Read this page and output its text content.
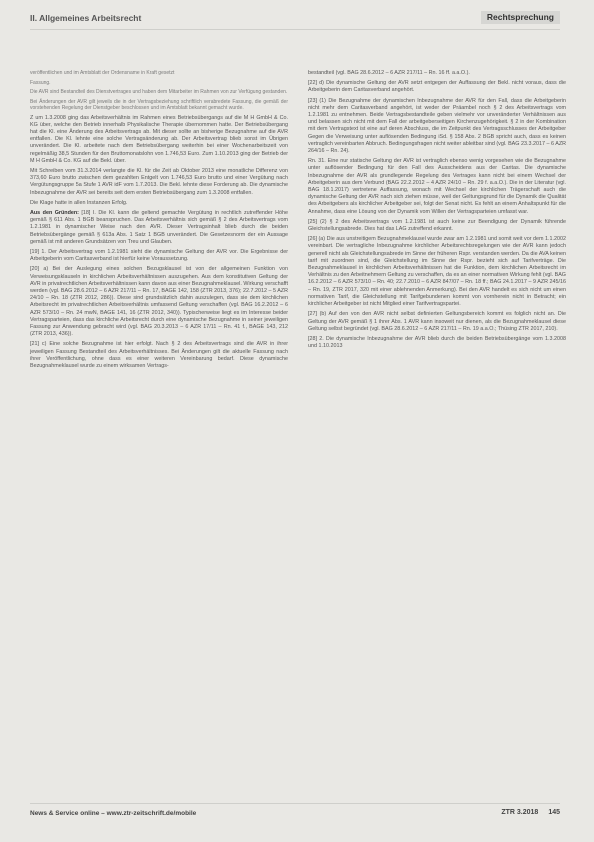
II. Allgemeines Arbeitsrecht	Rechtsprechung

veröffentlichen und im Amtsblatt der Ordensname in Kraft gesetzt

Fassung.

Die AVR sind Bestandteil des Dienstvertrages und haben dem Mitarbeiter im Rahmen von zur Verfügung gestanden.

Bei Änderungen der AVR gilt jeweils die in der Vertragsbeziehung schriftlich verabredete Fassung, die gemäß der vorstehenden Regelung der Dienstgeber beschlossen und im Amtsblatt bekannt gemacht wurde.

Z um 1.3.2008 ging das Arbeitsverhältnis im Rahmen eines Betriebsübergangs auf die M H GmbH & Co. KG über, welche den Betrieb innerhalb Physikalische Therapie übernommen hatte. Der Betriebsübergang hat die Kl. eine Änderung des Arbeitsvertrags ab. Mit dieser sollte an bisherige Bezugnahme auf die AVR entfallen. Die Kl. lehnte eine solche Vertragsänderung ab. Der Arbeitsvertrag blieb sonst im Übrigen unverändert. Die Kl. arbeitete nach dem Betriebsübergang weiterhin bei einer Wochenarbeitszeit von regelmäßig 38,5 Stunden für den Bruttomonatslohn von 1.746,53 Euro. Zum 1.10.2013 ging der Betrieb der M H GmbH & Co. KG auf die Bekl. über.

Mit Schreiben vom 31.3.2014 verlangte die Kl. für die Zeit ab Oktober 2013 eine monatliche Differenz von 373,60 Euro brutto zwischen dem gezahlten Entgelt von 1.746,53 Euro brutto und einer Vergütung nach Vergütungsgruppe 5a Stufe 1 AVR idF vom 1.7.2013. Die Bekl. lehnte diese Forderung ab. Die dynamische Inbezugnahme der AVR sei bereits seit dem ersten Betriebsübergang zum 1.3.2008 entfallen.

Die Klage hatte in allen Instanzen Erfolg.

Aus den Gründen: [18] I. Die Kl. kann die geltend gemachte Vergütung in rechtlich zutreffender Höhe gemäß § 611 Abs. 1 BGB beanspruchen. Das Arbeitsverhältnis sich gemäß § 2 des Arbeitsvertrags vom 1.2.1981 in dynamischer Weise nach den AVR. Dieser Vertragsinhalt blieb durch die beiden Betriebsübergänge gemäß § 613a Abs. 1 Satz 1 BGB unverändert. Die Gesetzesnorm der ein Aussage gemäß ist mit anderen Grundsätzen von Treu und Glauben.

[19] 1. Der Arbeitsvertrag vom 1.2.1981 sieht die dynamische Geltung der AVR vor. Die Ergebnisse der Arbeitgeberin vom Caritasverband ist hierfür keine Voraussetzung.

[20] a) Bei der Auslegung eines solchen Bezugsklausel ist von der allgemeinen Funktion von Verweisungsklauseln in kirchlichen Arbeitsverhältnissen auszugehen. Aus dem konstitutiven Geltung der AVR in privatrechtlichen Arbeitsverhältnissen kann davon aus einer Bezugnahmeklausel. Wirkung verschafft werden (vgl. BAG 28.6.2012 – 6 AZR 217/11 – Rn. 17, BAGE 142, 158 (ZTR 2013, 376); 22.7.2012 – 5 AZR 24/10 – Rn. 18 (ZTR 2012, 286)). Diese sind grundsätzlich dahin auszulegen, dass sie dem kirchlichen Arbeitsrecht im privatrechtlichen Arbeitsverhältnis umfassend Geltung verschaffen (vgl. BAG 16.2.2012 – 6 AZR 573/10 – Rn. 24 mwN, BAGE 141, 16 (ZTR 2012, 340)). Typischerweise liegt es im Interesse beider Vertragsparteien, dass das kirchliche Arbeitsrecht durch eine dynamische Bezugnahme in seiner jeweiligen Fassung zur Anwendung gebracht wird (vgl. BAG 20.3.2013 – 6 AZR 17/11 – Rn. 41 f., BAGE 143, 212 (ZTR 2013, 436)).

[21] c) Eine solche Bezugnahme ist hier erfolgt. Nach § 2 des Arbeitsvertrags sind die AVR in ihrer jeweiligen Fassung Bestandteil des Arbeitsverhältnisses. Bei Änderungen gilt die aktuelle Fassung nach ihrer Veröffentlichung, ohne dass es einer weiteren Vereinbarung bedarf. Diese dynamische Bezugnahmeklausel wurde zu einem wirksamen Vertrags-

bestandteil (vgl. BAG 28.6.2012 – 6 AZR 217/11 – Rn. 16 ff. a.a.O.).

[22] d) Die dynamische Geltung der AVR setzt entgegen der Auffassung der Bekl. nicht voraus, dass die Arbeitgeberin dem Caritasverband angehört.

[23] (1) Die Bezugnahme der dynamischen Inbezugnahme der AVR für den Fall, dass die Arbeitgeberin nicht mehr dem Caritasverband angehört, ist weder der Präambel noch § 2 des Arbeitsvertrags vom 1.2.1981 zu entnehmen. Beide Vertragsbestandteile geben vielmehr vor unveränderter Verhältnissen aus und belassen sich nicht mit dem Fall der arbeitgeberseitigen Kirchenzugehörigkeit. § 2 in der Kombination mit dem Vertragstext ist eine auf deren Abschluss, die im Zeitpunkt des Vertragsschlusses der Arbeitgeber Gegen die Verweisung unter auflösenden Bedingung iSd. § 158 Abs. 2 BGB spricht auch, dass es keinen vertraglich vereinbarten Abbruch. Bedingungsfragen nicht weiter ableitbar sind (vgl. BAG 23.3.2017 – 6 AZR 264/16 – Rn. 24).

Rn. 31. Eine nur statische Geltung der AVR ist vertraglich ebenso wenig vorgesehen wie die Bezugnahme unter auflösender Bedingung für den Fall des Ausscheidens aus der Caritas. Die dynamische Inbezugnahme der AVR als grundlegende Regelung des Vertrages kann nicht bei einem Wechsel der Arbeitgeberin aus dem Verbund (BAG 22.2.2012 – 4 AZR 24/10 – Rn. 29 f. a.a.O.). Die in der Literatur (vgl. BAG 18.1.2017) vertretene Auffassung, wonach mit Wechsel der kirchlichen Trägerschaft auch die dynamische Geltung der AVR nach sich ziehen müsse, weil der Geltungsgrund für die Dynamik die Qualität des Arbeitgebers als kirchlicher Arbeitgeber sei, folgt der Senat nicht. Es fehlt an einem Anhaltspunkt für die Annahme, dass eine Lösung von der Dynamik vom Willen der Vertragsparteien umfasst war.

[25] (2) § 2 des Arbeitsvertrags vom 1.2.1981 ist auch keine zur Beendigung der Dynamik führende Gleichstellungsabrede. Dies hat das LAG zutreffend erkannt.

[26] (a) Die aus unstreitigem Bezugnahmeklausel wurde zwar am 1.2.1981 und somit weit vor dem 1.1.2002 vereinbart. Die vertragliche Inbezugnahme kirchlicher Arbeitsrechtsregelungen wie der AVR kann jedoch generell nicht als Gleichstellungsabrede im Sinne der früheren Rspr. verstanden werden. Da die AVA keinen tarif mit zuordnen sind, die Gleichstellung im Sinne der Rspr. bezieht sich auf Tarifverträge. Die Bezugnahmeklausel in kirchlichen Arbeitsverhältnissen hat die Funktion, dem kirchlichen Arbeitsrecht im Verhältnis zu den Arbeitnehmern Geltung zu verschaffen, da es an einer normativen Wirkung fehlt (vgl. BAG 16.2.2012 – 6 AZR 573/10 – Rn. 40; 22.7.2010 – 6 AZR 847/07 – Rn. 18 ff.; BAG 24.1.2017 – 9 AZR 245/16 – Rn. 19, ZTR 2017, 320 mit einer ablehnenden Anmerkung). Bei den AVR handelt es sich nicht um einen normativen Tarif, die Gleichstellung mit Tarifgebundenen kommt von vornherein nicht in Betracht; ein kirchlicher Arbeitgeber ist nicht Mitglied einer Tarifvertragspartei.

[27] (b) Auf den von den AVR nicht selbst definierten Geltungsbereich kommt es folglich nicht an. Die Geltung der AVR gemäß § 1 ihrer Abs. 1 AVR kann insoweit nur dienen, als die Bezugnahmeklausel diese Geltung selbst begründet (vgl. BAG 28.6.2012 – 6 AZR 217/11 – Rn. 19 a.a.O.; Thüsing ZTR 2017, 210).

[28] 2. Die dynamische Inbezugnahme der AVR blieb durch die beiden Betriebsübergänge vom 1.3.2008 und 1.10.2013

News & Service online – www.ztr-zeitschrift.de/mobile	ZTR 3.2018 145
